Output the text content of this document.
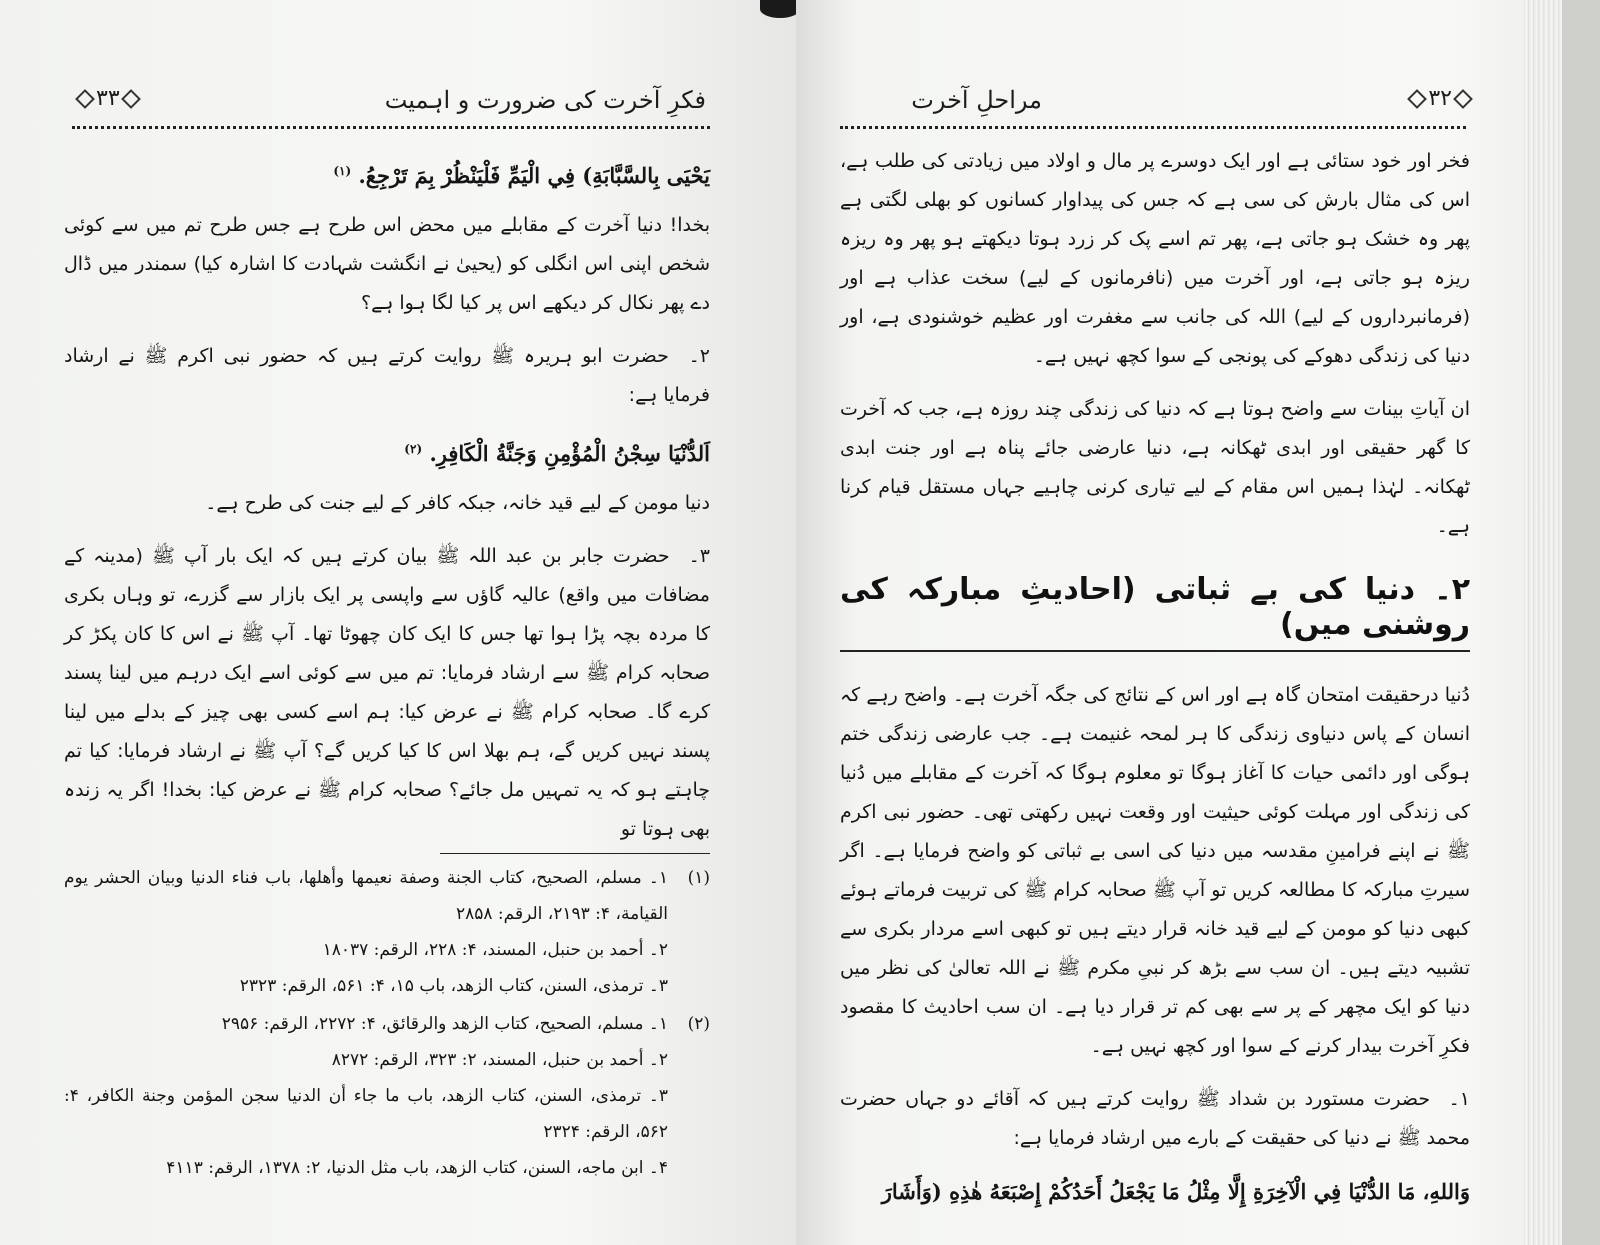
۳۳	فکرِ آخرت کی ضرورت و اہمیت
يَحْيَى بِالسَّبَّابَةِ) فِي الْيَمِّ فَلْيَنْظُرْ بِمَ تَرْجِعُ. $^{(۱)}$

بخدا! دنیا آخرت کے مقابلے میں محض اس طرح ہے جس طرح تم میں سے کوئی شخص اپنی اس انگلی کو (یحییٰ نے انگشت شہادت کا اشارہ کیا) سمندر میں ڈال دے پھر نکال کر دیکھے اس پر کیا لگا ہوا ہے؟

۲۔ حضرت ابو ہریرہ ﷺ روایت کرتے ہیں کہ حضور نبی اکرم ﷺ نے ارشاد فرمایا ہے:

اَلدُّنْيَا سِجْنُ الْمُؤْمِنِ وَجَنَّةُ الْكَافِرِ. $^{(۲)}$

دنیا مومن کے لیے قید خانہ، جبکہ کافر کے لیے جنت کی طرح ہے۔

۳۔ حضرت جابر بن عبد اللہ ﷺ بیان کرتے ہیں کہ ایک بار آپ ﷺ (مدینہ کے مضافات میں واقع) عالیہ گاؤں سے واپسی پر ایک بازار سے گزرے، تو وہاں بکری کا مردہ بچہ پڑا ہوا تھا جس کا ایک کان چھوٹا تھا۔ آپ ﷺ نے اس کا کان پکڑ کر صحابہ کرام ﷺ سے ارشاد فرمایا: تم میں سے کوئی اسے ایک درہم میں لینا پسند کرے گا۔ صحابہ کرام ﷺ نے عرض کیا: ہم اسے کسی بھی چیز کے بدلے میں لینا پسند نہیں کریں گے، ہم بھلا اس کا کیا کریں گے؟ آپ ﷺ نے ارشاد فرمایا: کیا تم چاہتے ہو کہ یہ تمہیں مل جائے؟ صحابہ کرام ﷺ نے عرض کیا: بخدا! اگر یہ زندہ بھی ہوتا تو

(۱)
۱۔ مسلم، الصحيح، كتاب الجنة وصفة نعيمها وأهلها، باب فناء الدنيا وبيان الحشر يوم القيامة، ۴: ۲۱۹۳، الرقم: ۲۸۵۸
۲۔ أحمد بن حنبل، المسند، ۴: ۲۲۸، الرقم: ۱۸۰۳۷
۳۔ ترمذی، السنن، كتاب الزهد، باب ۱۵، ۴: ۵۶۱، الرقم: ۲۳۲۳
(۲)
۱۔ مسلم، الصحيح، كتاب الزهد والرقائق، ۴: ۲۲۷۲، الرقم: ۲۹۵۶
۲۔ أحمد بن حنبل، المسند، ۲: ۳۲۳، الرقم: ۸۲۷۲
۳۔ ترمذی، السنن، كتاب الزهد، باب ما جاء أن الدنيا سجن المؤمن وجنة الكافر، ۴: ۵۶۲، الرقم: ۲۳۲۴
۴۔ ابن ماجه، السنن، كتاب الزهد، باب مثل الدنيا، ۲: ۱۳۷۸، الرقم: ۴۱۱۳
مراحلِ آخرت	۳۲

فخر اور خود ستائی ہے اور ایک دوسرے پر مال و اولاد میں زیادتی کی طلب ہے، اس کی مثال بارش کی سی ہے کہ جس کی پیداوار کسانوں کو بھلی لگتی ہے پھر وہ خشک ہو جاتی ہے، پھر تم اسے پک کر زرد ہوتا دیکھتے ہو پھر وہ ریزہ ریزہ ہو جاتی ہے، اور آخرت میں (نافرمانوں کے لیے) سخت عذاب ہے اور (فرمانبرداروں کے لیے) اللہ کی جانب سے مغفرت اور عظیم خوشنودی ہے، اور دنیا کی زندگی دھوکے کی پونجی کے سوا کچھ نہیں ہے۔

ان آیاتِ بینات سے واضح ہوتا ہے کہ دنیا کی زندگی چند روزہ ہے، جب کہ آخرت کا گھر حقیقی اور ابدی ٹھکانہ ہے، دنیا عارضی جائے پناہ ہے اور جنت ابدی ٹھکانہ۔ لہٰذا ہمیں اس مقام کے لیے تیاری کرنی چاہیے جہاں مستقل قیام کرنا ہے۔

۲۔ دنیا کی بے ثباتی (احادیثِ مبارکہ کی روشنی میں)

دُنیا درحقیقت امتحان گاہ ہے اور اس کے نتائج کی جگہ آخرت ہے۔ واضح رہے کہ انسان کے پاس دنیاوی زندگی کا ہر لمحہ غنیمت ہے۔ جب عارضی زندگی ختم ہوگی اور دائمی حیات کا آغاز ہوگا تو معلوم ہوگا کہ آخرت کے مقابلے میں دُنیا کی زندگی اور مہلت کوئی حیثیت اور وقعت نہیں رکھتی تھی۔ حضور نبی اکرم ﷺ نے اپنے فرامینِ مقدسہ میں دنیا کی اسی بے ثباتی کو واضح فرمایا ہے۔ اگر سیرتِ مبارکہ کا مطالعہ کریں تو آپ ﷺ صحابہ کرام ﷺ کی تربیت فرماتے ہوئے کبھی دنیا کو مومن کے لیے قید خانہ قرار دیتے ہیں تو کبھی اسے مردار بکری سے تشبیہ دیتے ہیں۔ ان سب سے بڑھ کر نبیِ مکرم ﷺ نے اللہ تعالیٰ کی نظر میں دنیا کو ایک مچھر کے پر سے بھی کم تر قرار دیا ہے۔ ان سب احادیث کا مقصود فکرِ آخرت بیدار کرنے کے سوا اور کچھ نہیں ہے۔

۱۔ حضرت مستورد بن شداد ﷺ روایت کرتے ہیں کہ آقائے دو جہاں حضرت محمد ﷺ نے دنیا کی حقیقت کے بارے میں ارشاد فرمایا ہے:

وَاللهِ، مَا الدُّنْيَا فِي الْآخِرَةِ إِلَّا مِثْلُ مَا يَجْعَلُ أَحَدُكُمْ إِصْبَعَهُ هٰذِهِ (وَأَشَارَ
